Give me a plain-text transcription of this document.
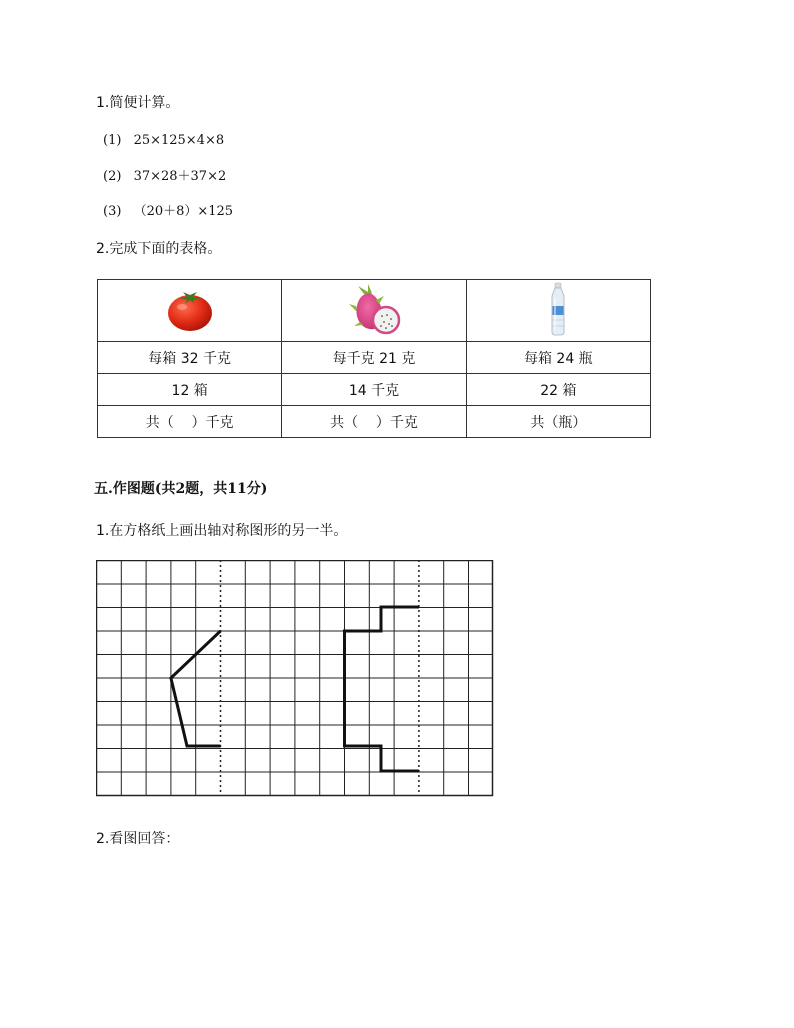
1.简便计算。
(1) 25×125×4×8
(2) 37×28＋37×2
(3) （20＋8）×125
2.完成下面的表格。

每箱 32 千克	每千克 21 克	每箱 24 瓶
12 箱	14 千克	22 箱
共（    ）千克	共（    ）千克	共（瓶）
五.作图题(共2题，共11分)
1.在方格纸上画出轴对称图形的另一半。
2.看图回答：
